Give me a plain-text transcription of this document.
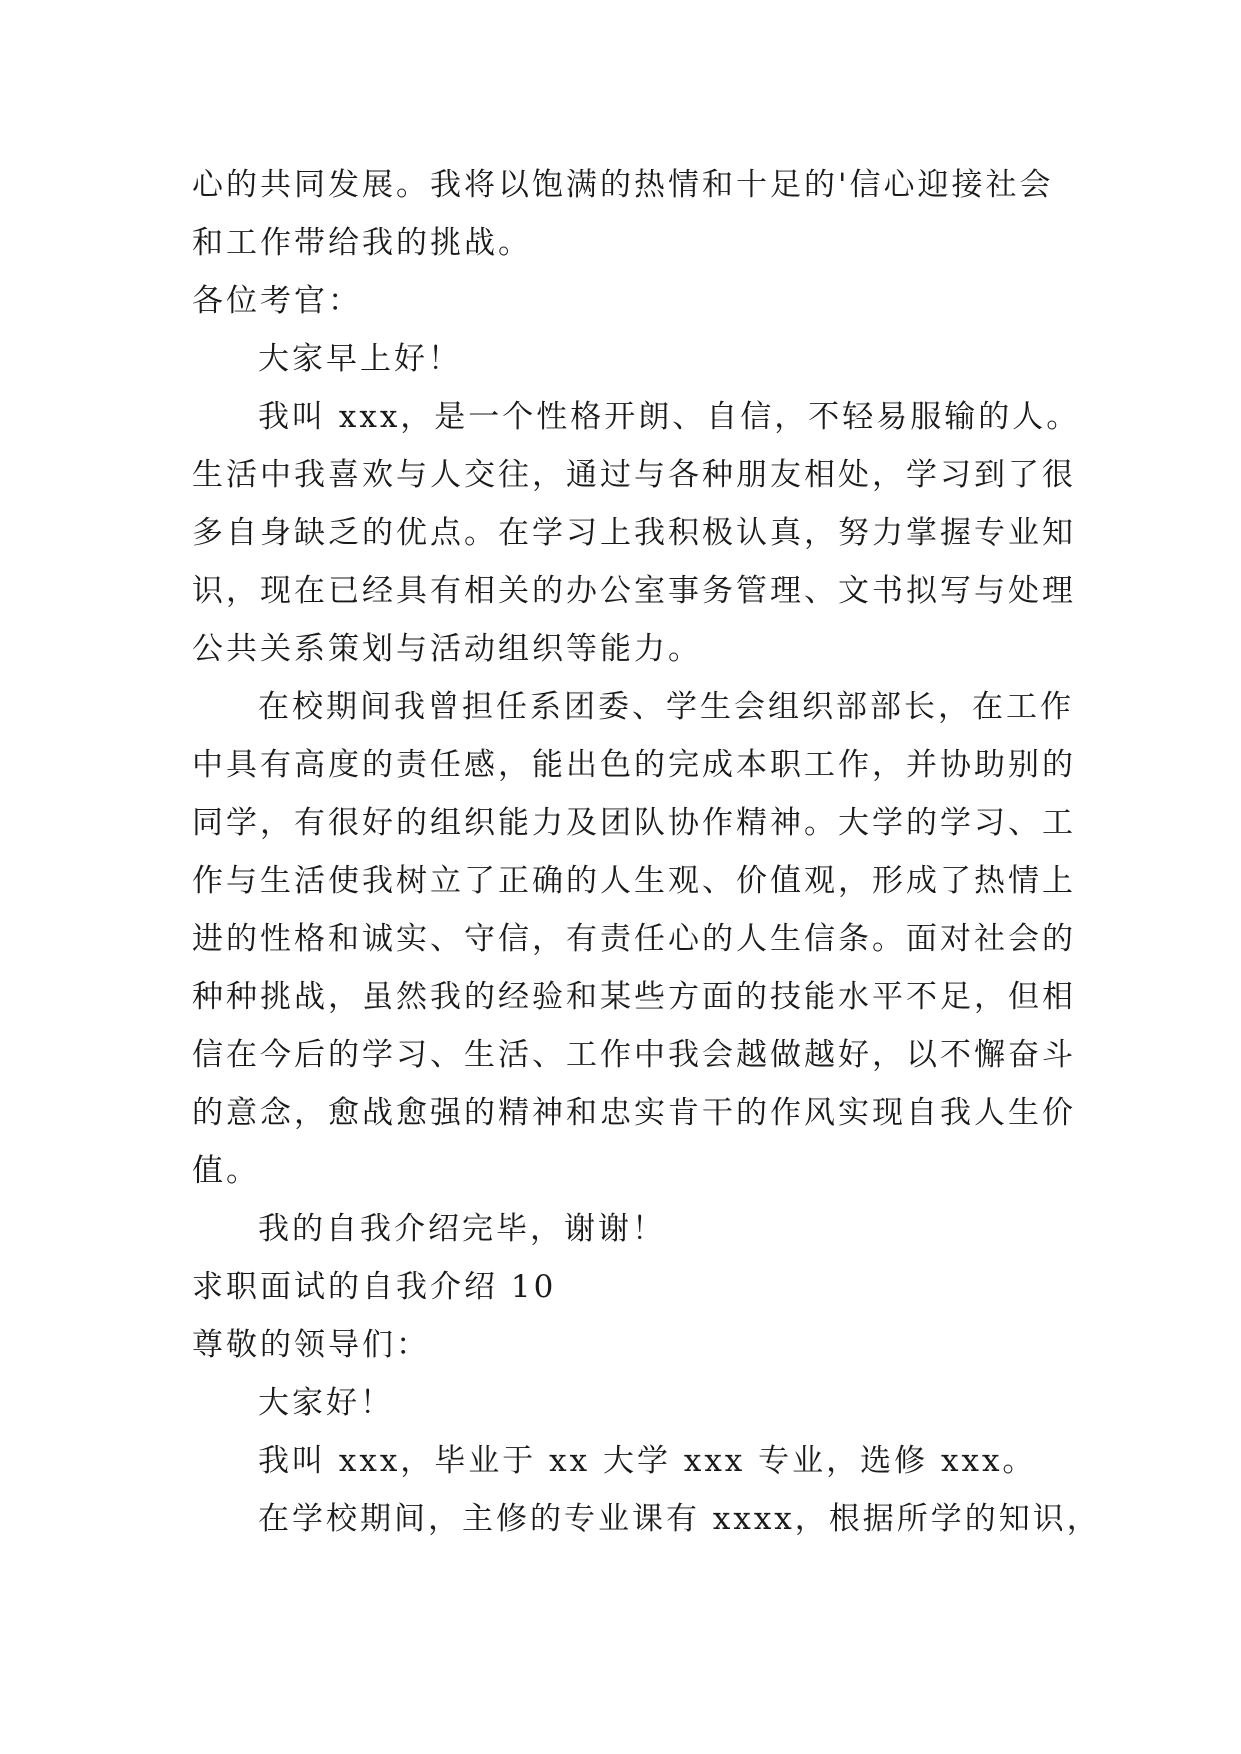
心的共同发展。我将以饱满的热情和十足的'信心迎接社会
和工作带给我的挑战。
各位考官：
大家早上好！
我叫 xxx，是一个性格开朗、自信，不轻易服输的人。
生活中我喜欢与人交往，通过与各种朋友相处，学习到了很
多自身缺乏的优点。在学习上我积极认真，努力掌握专业知
识，现在已经具有相关的办公室事务管理、文书拟写与处理
公共关系策划与活动组织等能力。
在校期间我曾担任系团委、学生会组织部部长，在工作
中具有高度的责任感，能出色的完成本职工作，并协助别的
同学，有很好的组织能力及团队协作精神。大学的学习、工
作与生活使我树立了正确的人生观、价值观，形成了热情上
进的性格和诚实、守信，有责任心的人生信条。面对社会的
种种挑战，虽然我的经验和某些方面的技能水平不足，但相
信在今后的学习、生活、工作中我会越做越好，以不懈奋斗
的意念，愈战愈强的精神和忠实肯干的作风实现自我人生价
值。
我的自我介绍完毕，谢谢！
求职面试的自我介绍 10
尊敬的领导们：
大家好！
我叫 xxx，毕业于 xx 大学 xxx 专业，选修 xxx。
在学校期间，主修的专业课有 xxxx，根据所学的知识，
